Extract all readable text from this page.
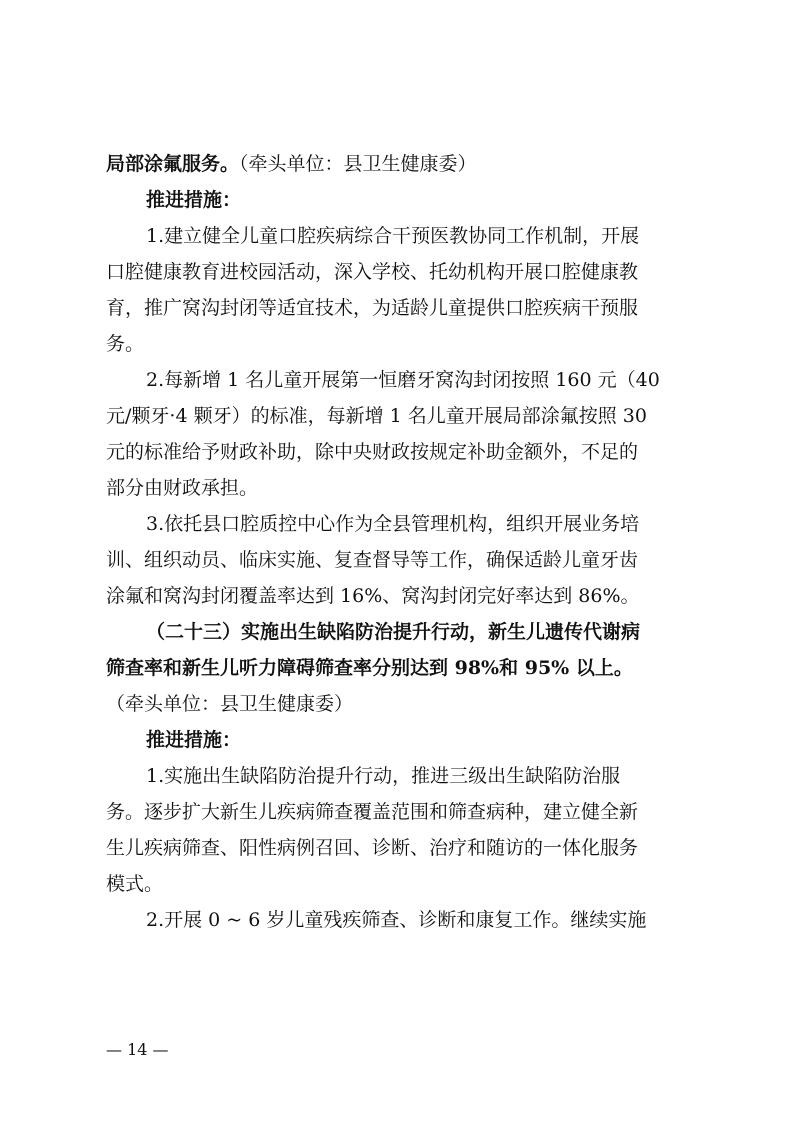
局部涂氟服务。（牵头单位：县卫生健康委）
推进措施：
1.建立健全儿童口腔疾病综合干预医教协同工作机制，开展
口腔健康教育进校园活动，深入学校、托幼机构开展口腔健康教
育，推广窝沟封闭等适宜技术，为适龄儿童提供口腔疾病干预服
务。
2.每新增 1 名儿童开展第一恒磨牙窝沟封闭按照 160 元（40
元/颗牙·4 颗牙）的标准，每新增 1 名儿童开展局部涂氟按照 30
元的标准给予财政补助，除中央财政按规定补助金额外，不足的
部分由财政承担。
3.依托县口腔质控中心作为全县管理机构，组织开展业务培
训、组织动员、临床实施、复查督导等工作，确保适龄儿童牙齿
涂氟和窝沟封闭覆盖率达到 16%、窝沟封闭完好率达到 86%。
（二十三）实施出生缺陷防治提升行动，新生儿遗传代谢病
筛查率和新生儿听力障碍筛查率分别达到 98%和 95% 以上。
（牵头单位：县卫生健康委）
推进措施：
1.实施出生缺陷防治提升行动，推进三级出生缺陷防治服
务。逐步扩大新生儿疾病筛查覆盖范围和筛查病种，建立健全新
生儿疾病筛查、阳性病例召回、诊断、治疗和随访的一体化服务
模式。
2.开展 0 ~ 6 岁儿童残疾筛查、诊断和康复工作。继续实施
— 14 —
